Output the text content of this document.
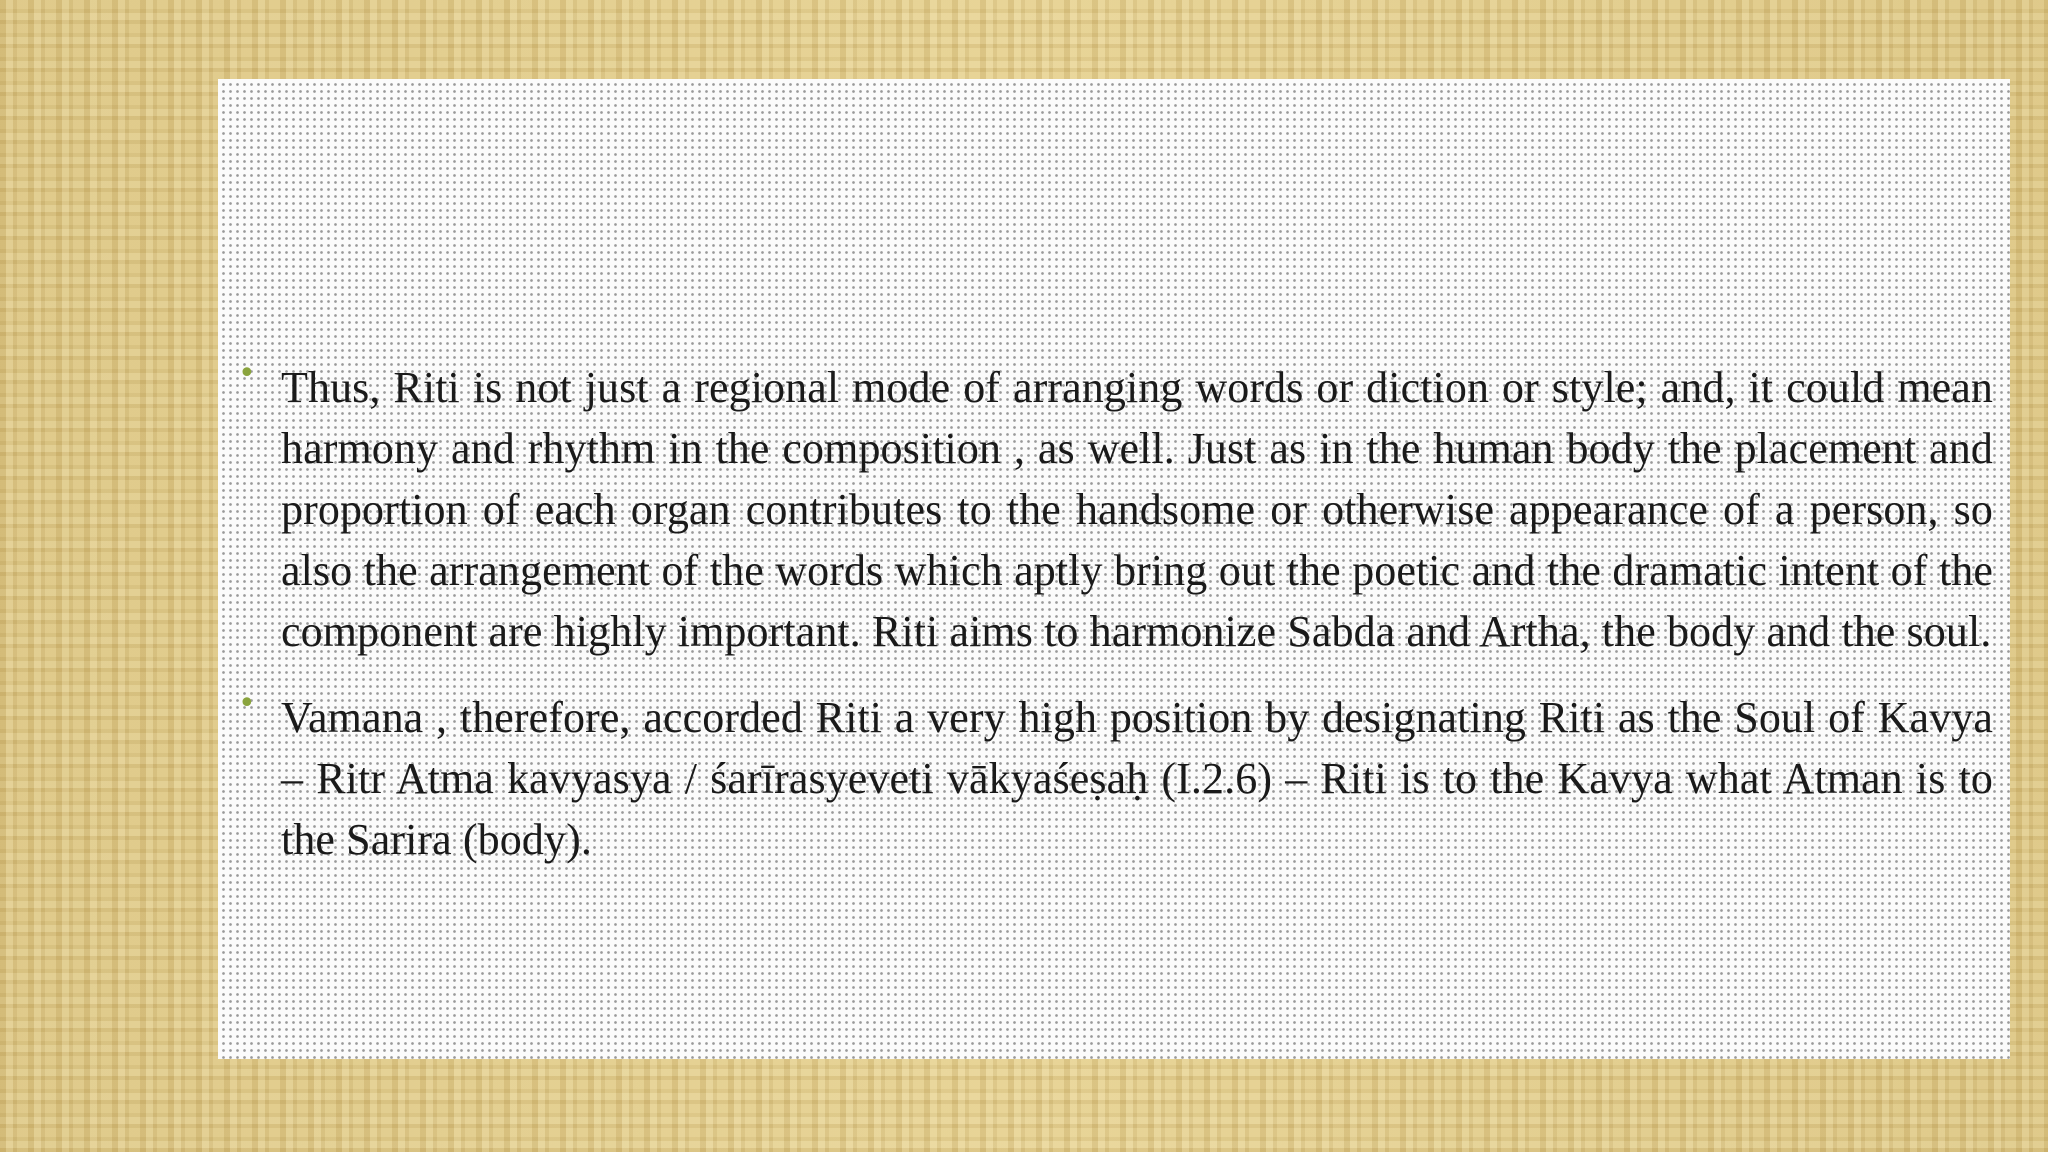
• Thus, Riti is not just a regional mode of arranging words or diction or style; and, it could mean harmony and rhythm in the composition , as well. Just as in the human body the placement and proportion of each organ contributes to the handsome or otherwise appearance of a person, so also the arrangement of the words which aptly bring out the poetic and the dramatic intent of the component are highly important. Riti aims to harmonize Sabda and Artha, the body and the soul.
• Vamana , therefore, accorded Riti a very high position by designating Riti as the Soul of Kavya – Ritr Atma kavyasya / śarīrasyeveti vākyaśeṣaḥ (I.2.6) – Riti is to the Kavya what Atman is to the Sarira (body).
